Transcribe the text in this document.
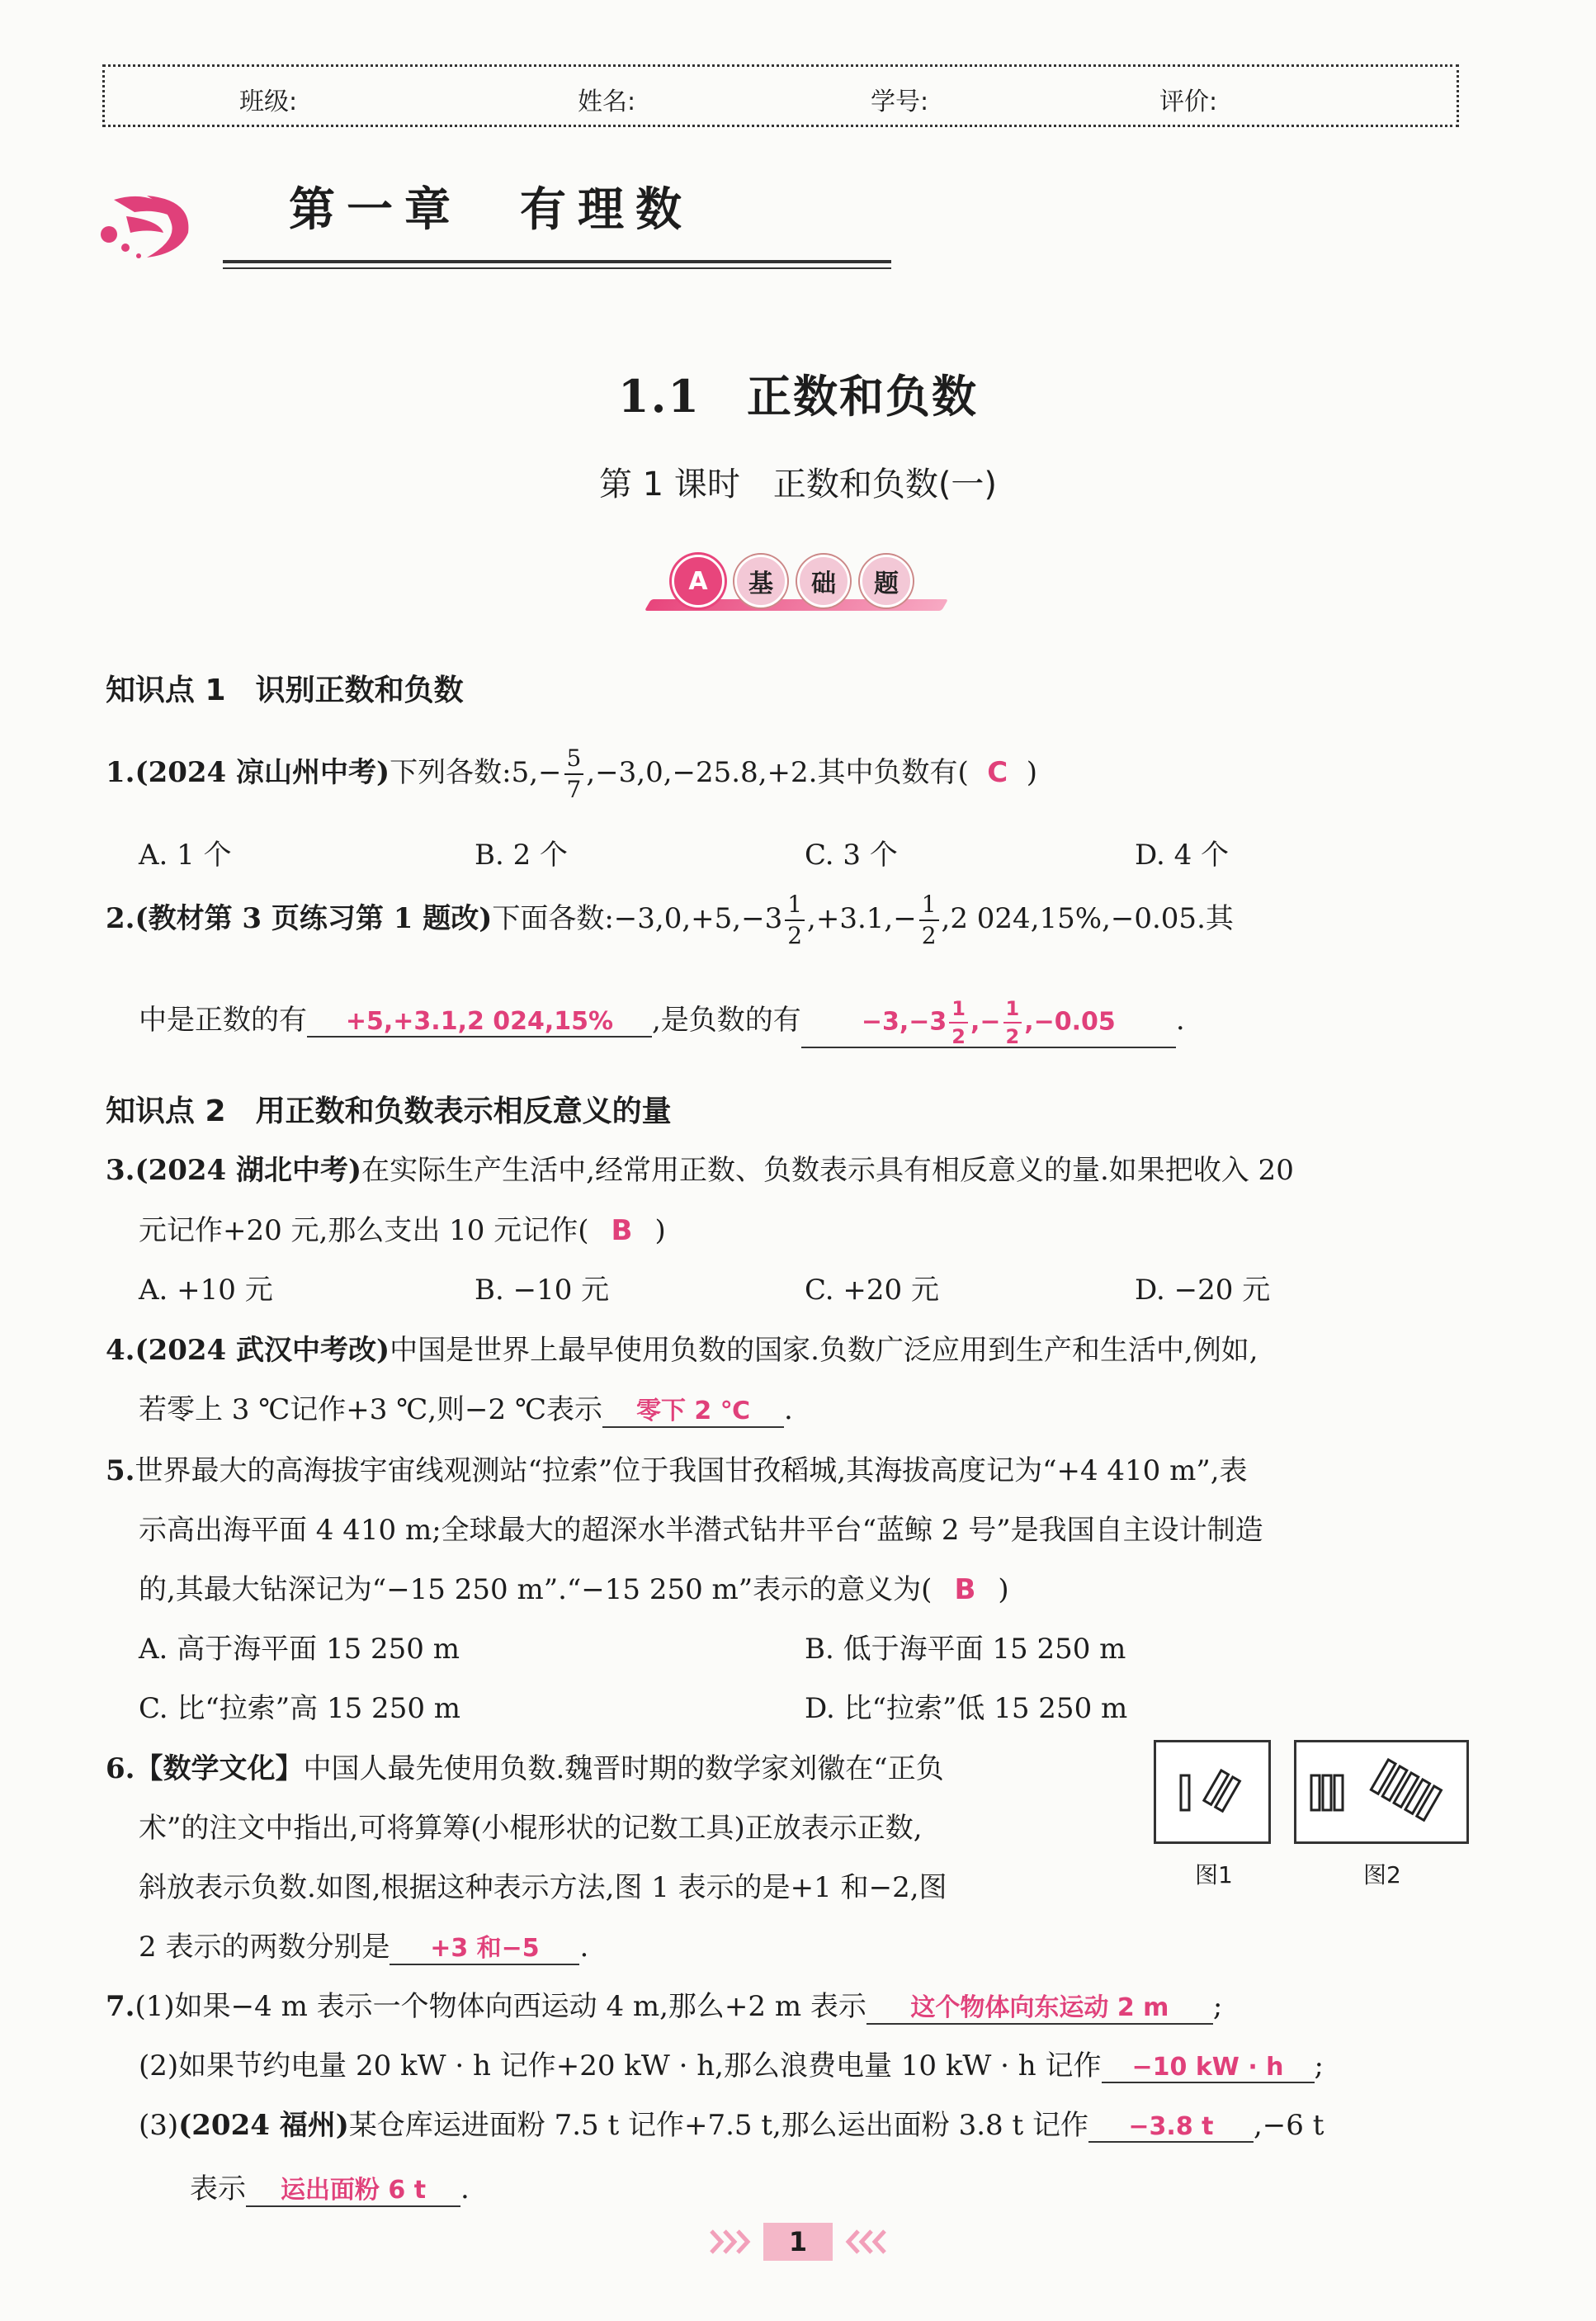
班级:	姓名:	学号:	评价:
第一章　有理数
1.1　正数和负数
第 1 课时　正数和负数(一)
A	基	础	题
知识点 1　识别正数和负数
1.(2024 凉山州中考)下列各数:5,− $\frac{5}{7} ,-3,0,-25.8,+2$.其中负数有( C )
A. 1 个	B. 2 个	C. 3 个	D. 4 个
2.(教材第 3 页练习第 1 题改)下面各数:−3,0,+5,−3 $\frac{1}{2} ,+3.1,- \frac{1}{2} ,2$ 024,15%,−0.05.其
中是正数的有 +5,+3.1,2 024,15% ,是负数的有 $-3,-3 \frac{1}{2}$ ,− $\frac{1}{2} ,-0.05$ .
知识点 2　用正数和负数表示相反意义的量
3.(2024 湖北中考)在实际生产生活中,经常用正数、负数表示具有相反意义的量.如果把收入 20
元记作+20 元,那么支出 10 元记作( B )
A. +10 元	B. −10 元	C. +20 元	D. −20 元
4.(2024 武汉中考改)中国是世界上最早使用负数的国家.负数广泛应用到生产和生活中,例如,
若零上 3 ℃记作+3 ℃,则−2 ℃表示 零下 2 ℃ .
5.世界最大的高海拔宇宙线观测站“拉索”位于我国甘孜稻城,其海拔高度记为“+4 410 m”,表
示高出海平面 4 410 m;全球最大的超深水半潜式钻井平台“蓝鲸 2 号”是我国自主设计制造
的,其最大钻深记为“−15 250 m”.“−15 250 m”表示的意义为( B )
A. 高于海平面 15 250 m	B. 低于海平面 15 250 m
C. 比“拉索”高 15 250 m	D. 比“拉索”低 15 250 m
6.【数学文化】中国人最先使用负数.魏晋时期的数学家刘徽在“正负
术”的注文中指出,可将算筹(小棍形状的记数工具)正放表示正数,
斜放表示负数.如图,根据这种表示方法,图 1 表示的是+1 和−2,图
2 表示的两数分别是 +3 和−5 .
图1	图2
7.(1)如果−4 m 表示一个物体向西运动 4 m,那么+2 m 表示 这个物体向东运动 2 m ;
(2)如果节约电量 20 kW · h 记作+20 kW · h,那么浪费电量 10 kW · h 记作 −10 kW · h ;
(3)(2024 福州)某仓库运进面粉 7.5 t 记作+7.5 t,那么运出面粉 3.8 t 记作 −3.8 t ,−6 t
表示 运出面粉 6 t .
1
